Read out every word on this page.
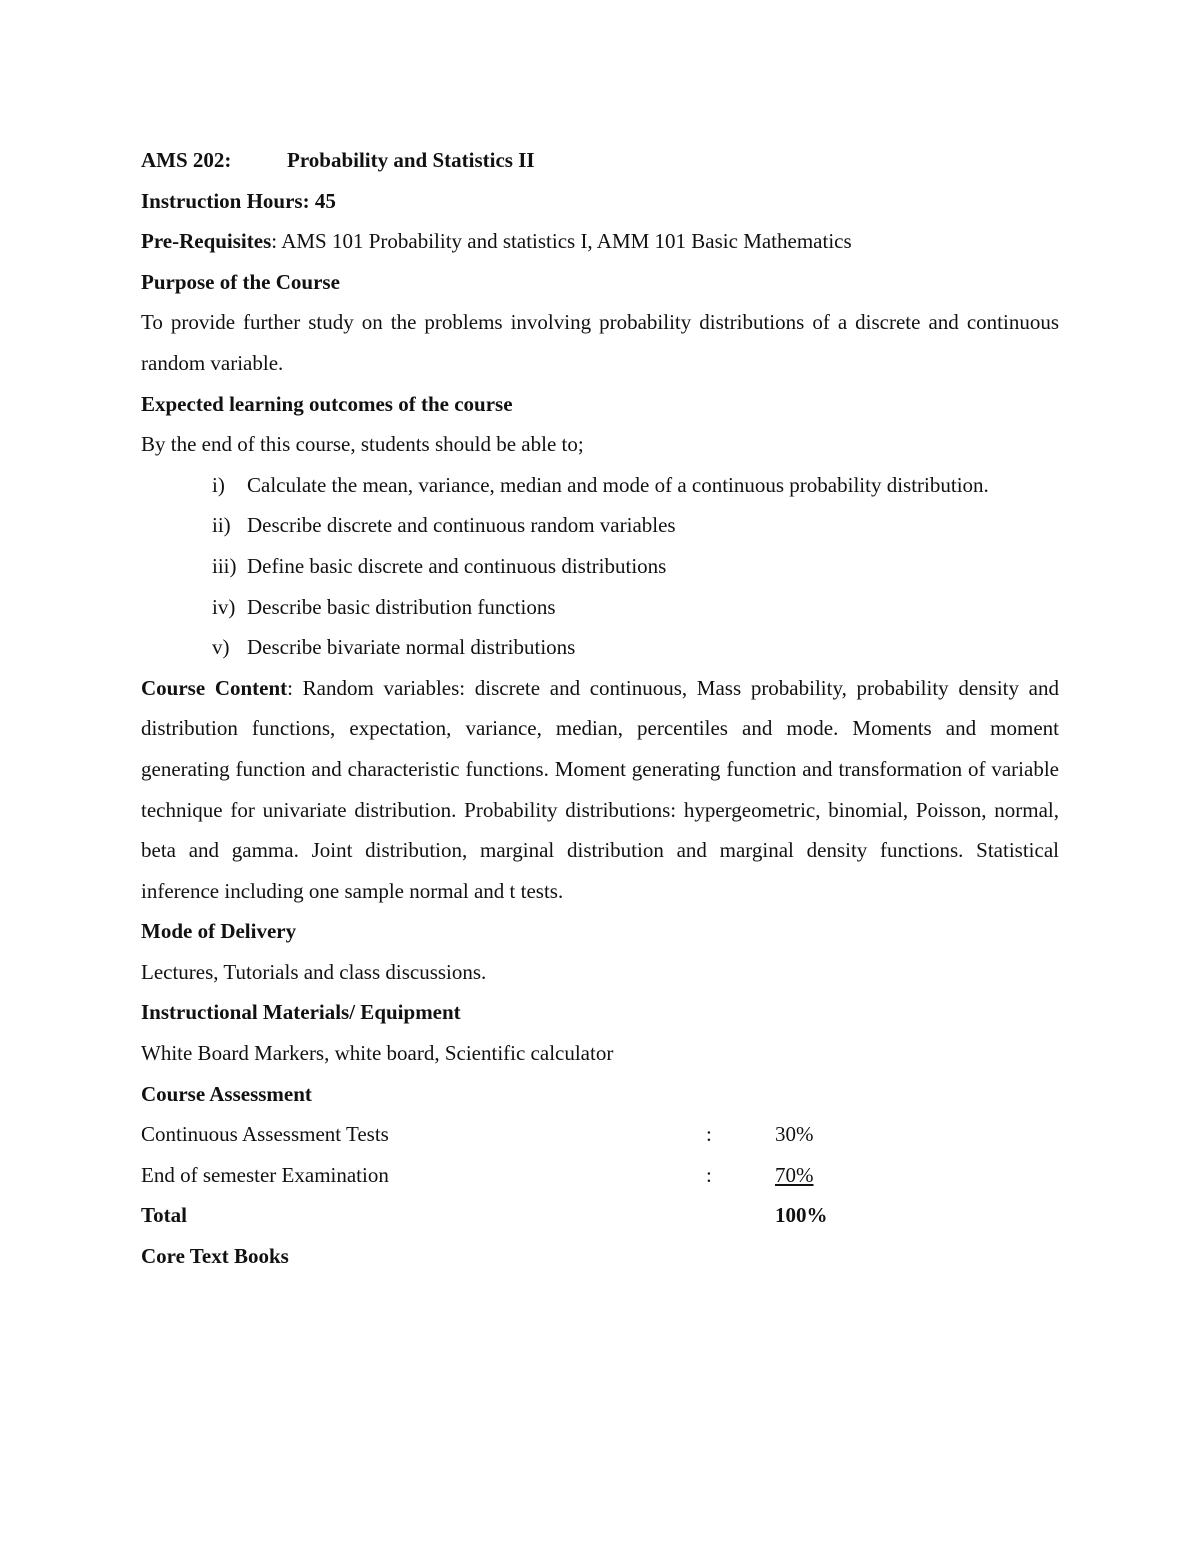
AMS 202:	Probability and Statistics II
Instruction Hours: 45
Pre-Requisites: AMS 101 Probability and statistics I, AMM 101 Basic Mathematics
Purpose of the Course

To provide further study on the problems involving probability distributions of a discrete and continuous random variable.

Expected learning outcomes of the course
By the end of this course, students should be able to;
i) Calculate the mean, variance, median and mode of a continuous probability distribution.
ii) Describe discrete and continuous random variables
iii) Define basic discrete and continuous distributions
iv) Describe basic distribution functions
v) Describe bivariate normal distributions

Course Content: Random variables: discrete and continuous, Mass probability, probability density and distribution functions, expectation, variance, median, percentiles and mode. Moments and moment generating function and characteristic functions. Moment generating function and transformation of variable technique for univariate distribution. Probability distributions: hypergeometric, binomial, Poisson, normal, beta and gamma. Joint distribution, marginal distribution and marginal density functions. Statistical inference including one sample normal and t tests.

Mode of Delivery
Lectures, Tutorials and class discussions.
Instructional Materials/ Equipment
White Board Markers, white board, Scientific calculator
Course Assessment
Continuous Assessment Tests	:	30%
End of semester Examination	:	70%
Total	100%
Core Text Books
